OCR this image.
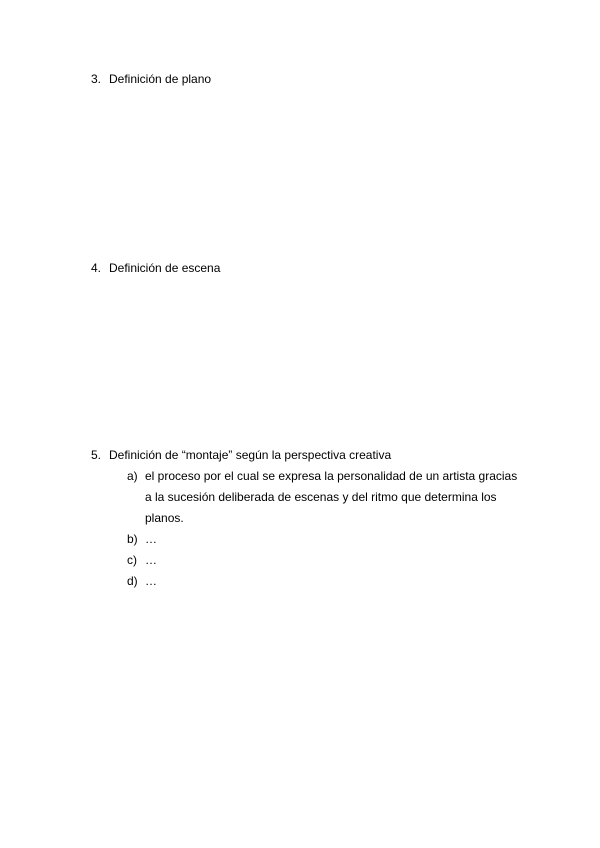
3. Definición de plano
4. Definición de escena
5. Definición de “montaje” según la perspectiva creativa
a) el proceso por el cual se expresa la personalidad de un artista gracias
a la sucesión deliberada de escenas y del ritmo que determina los
planos.
b) …
c) …
d) …
